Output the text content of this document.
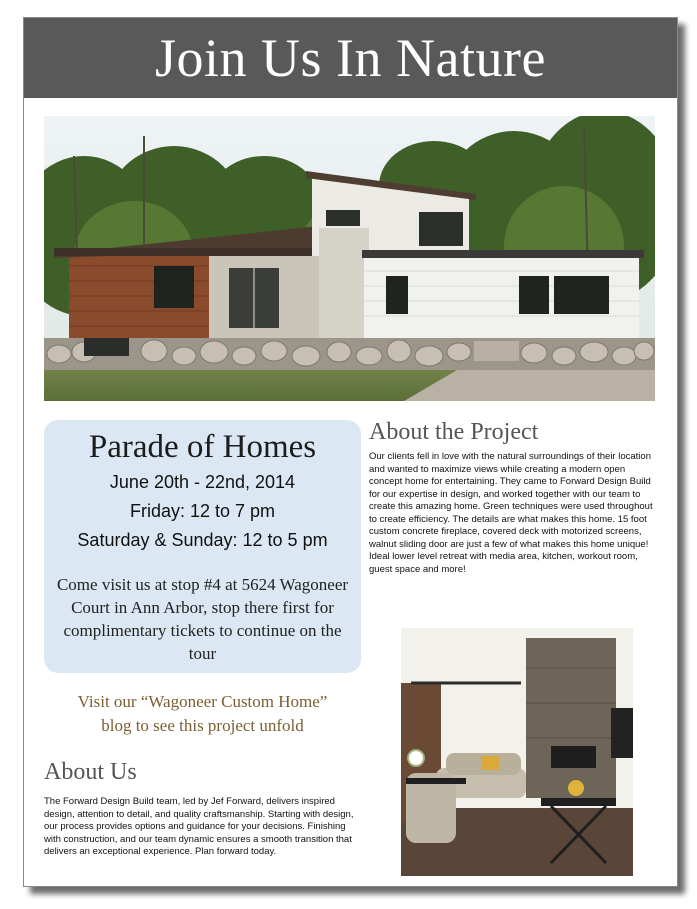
Join Us In Nature
Parade of Homes
June 20th - 22nd, 2014
Friday: 12 to 7 pm
Saturday & Sunday: 12 to 5 pm
Come visit us at stop #4 at 5624 Wagoneer Court in Ann Arbor, stop there first for complimentary tickets to continue on the tour
Visit our “Wagoneer Custom Home”
blog to see this project unfold
About Us

The Forward Design Build team, led by Jef Forward, delivers inspired design, attention to detail, and quality craftsmanship. Starting with design, our process provides options and guidance for your decisions. Finishing with construction, and our team dynamic ensures a smooth transition that delivers an exceptional experience. Plan forward today.

About the Project

Our clients fell in love with the natural surroundings of their location and wanted to maximize views while creating a modern open concept home for entertaining. They came to Forward Design Build for our expertise in design, and worked together with our team to create this amazing home. Green techniques were used throughout to create efficiency. The details are what makes this home. 15 foot custom concrete fireplace, covered deck with motorized screens, walnut sliding door are just a few of what makes this home unique! Ideal lower level retreat with media area, kitchen, workout room, guest space and more!
